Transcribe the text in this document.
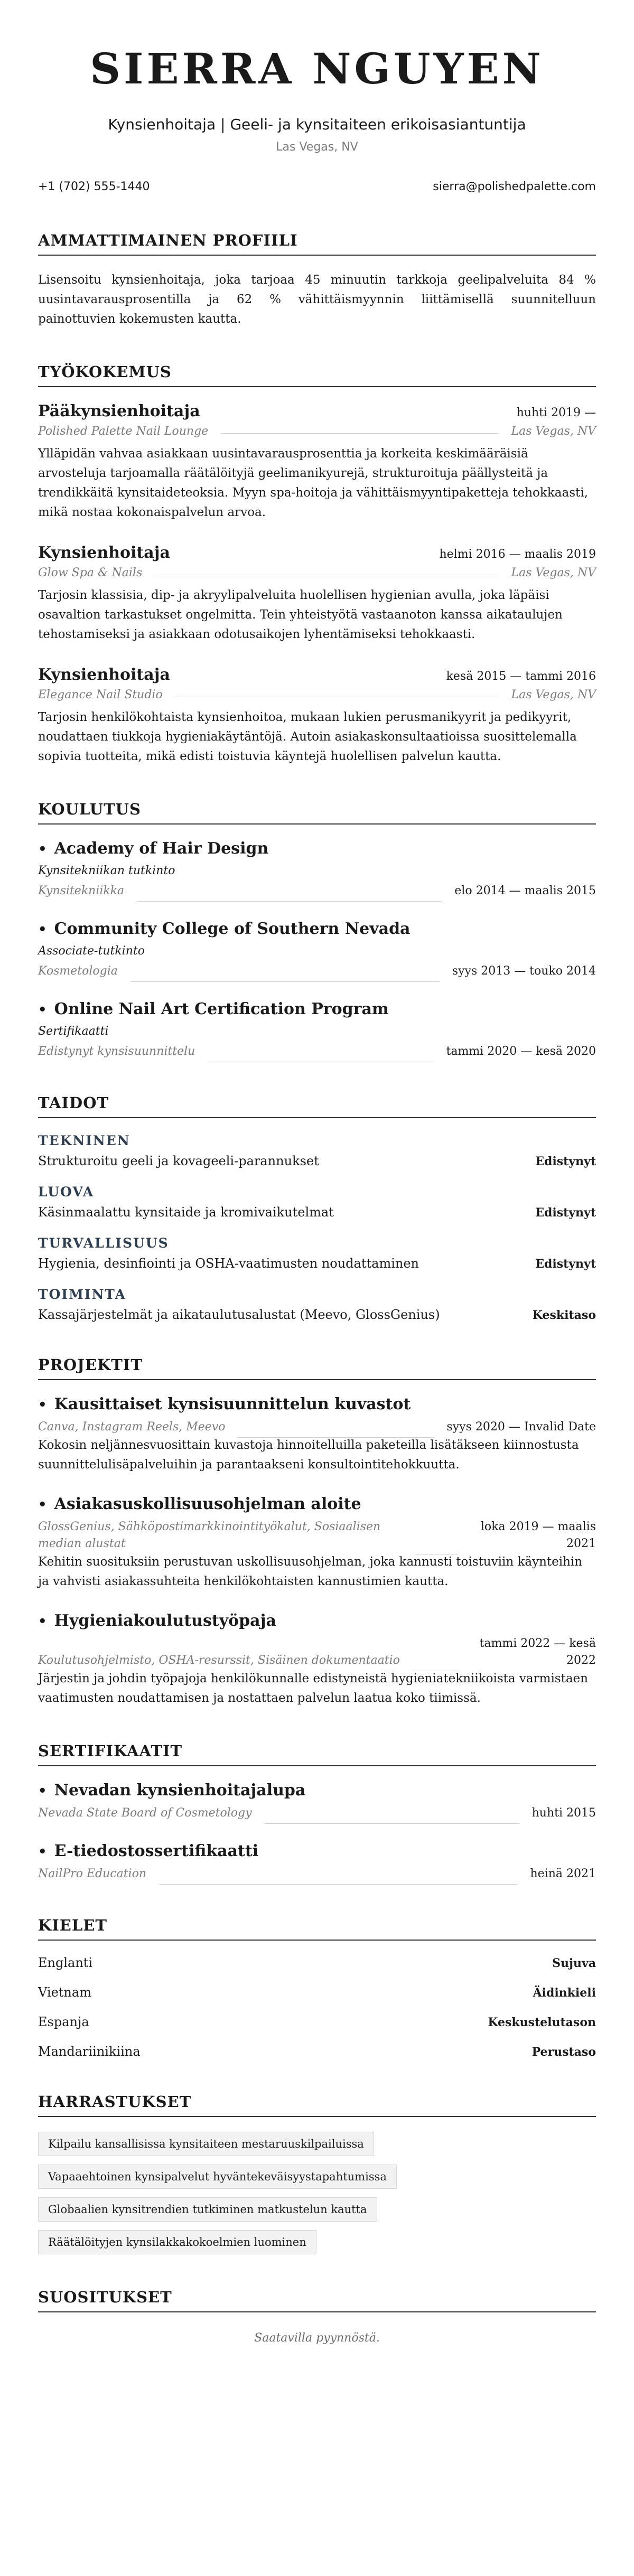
SIERRA NGUYEN
Kynsienhoitaja | Geeli- ja kynsitaiteen erikoisasiantuntija
Las Vegas, NV
+1 (702) 555-1440	sierra@polishedpalette.com
AMMATTIMAINEN PROFIILI

Lisensoitu kynsienhoitaja, joka tarjoaa 45 minuutin tarkkoja geelipalveluita 84 % uusintavarausprosentilla ja 62 % vähittäismyynnin liittämisellä suunnitelluun painottuvien kokemusten kautta.

TYÖKOKEMUS
Pääkynsienhoitaja	huhti 2019 —
Polished Palette Nail Lounge	Las Vegas, NV

Ylläpidän vahvaa asiakkaan uusintavarausprosenttia ja korkeita keskimääräisiä arvosteluja tarjoamalla räätälöityjä geelimanikyurejä, strukturoituja päällysteitä ja trendikkäitä kynsitaideteoksia. Myyn spa-hoitoja ja vähittäismyyntipaketteja tehokkaasti, mikä nostaa kokonaispalvelun arvoa.

Kynsienhoitaja	helmi 2016 — maalis 2019
Glow Spa & Nails	Las Vegas, NV

Tarjosin klassisia, dip- ja akryylipalveluita huolellisen hygienian avulla, joka läpäisi osavaltion tarkastukset ongelmitta. Tein yhteistyötä vastaanoton kanssa aikataulujen tehostamiseksi ja asiakkaan odotusaikojen lyhentämiseksi tehokkaasti.

Kynsienhoitaja	kesä 2015 — tammi 2016
Elegance Nail Studio	Las Vegas, NV

Tarjosin henkilökohtaista kynsienhoitoa, mukaan lukien perusmanikyyrit ja pedikyyrit, noudattaen tiukkoja hygieniakäytäntöjä. Autoin asiakaskonsultaatioissa suosittelemalla sopivia tuotteita, mikä edisti toistuvia käyntejä huolellisen palvelun kautta.

KOULUTUS
• Academy of Hair Design
Kynsitekniikan tutkinto
Kynsitekniikka	elo 2014 — maalis 2015
• Community College of Southern Nevada
Associate-tutkinto
Kosmetologia	syys 2013 — touko 2014
• Online Nail Art Certification Program
Sertifikaatti
Edistynyt kynsisuunnittelu	tammi 2020 — kesä 2020
TAIDOT
TEKNINEN
Strukturoitu geeli ja kovageeli-parannukset	Edistynyt
LUOVA
Käsinmaalattu kynsitaide ja kromivaikutelmat	Edistynyt
TURVALLISUUS
Hygienia, desinfiointi ja OSHA-vaatimusten noudattaminen	Edistynyt
TOIMINTA
Kassajärjestelmät ja aikataulutusalustat (Meevo, GlossGenius)	Keskitaso
PROJEKTIT
• Kausittaiset kynsisuunnittelun kuvastot
Canva, Instagram Reels, Meevo	syys 2020 — Invalid Date

Kokosin neljännesvuosittain kuvastoja hinnoitelluilla paketeilla lisätäkseen kiinnostusta suunnittelulisäpalveluihin ja parantaakseni konsultointitehokkuutta.

• Asiakasuskollisuusohjelman aloite
GlossGenius, Sähköpostimarkkinointityökalut, Sosiaalisen median alustat
loka 2019 — maalis 2021

Kehitin suosituksiin perustuvan uskollisuusohjelman, joka kannusti toistuviin käynteihin ja vahvisti asiakassuhteita henkilökohtaisten kannustimien kautta.

• Hygieniakoulutustyöpaja
Koulutusohjelmisto, OSHA-resurssit, Sisäinen dokumentaatio
tammi 2022 — kesä 2022

Järjestin ja johdin työpajoja henkilökunnalle edistyneistä hygieniatekniikoista varmistaen vaatimusten noudattamisen ja nostattaen palvelun laatua koko tiimissä.

SERTIFIKAATIT
• Nevadan kynsienhoitajalupa
Nevada State Board of Cosmetology	huhti 2015
• E-tiedostossertifikaatti
NailPro Education	heinä 2021
KIELET
Englanti	Sujuva
Vietnam	Äidinkieli
Espanja	Keskustelutason
Mandariinikiina	Perustaso
HARRASTUKSET
Kilpailu kansallisissa kynsitaiteen mestaruuskilpailuissa
Vapaaehtoinen kynsipalvelut hyväntekeväisyystapahtumissa
Globaalien kynsitrendien tutkiminen matkustelun kautta
Räätälöityjen kynsilakkakokoelmien luominen
SUOSITUKSET
Saatavilla pyynnöstä.
